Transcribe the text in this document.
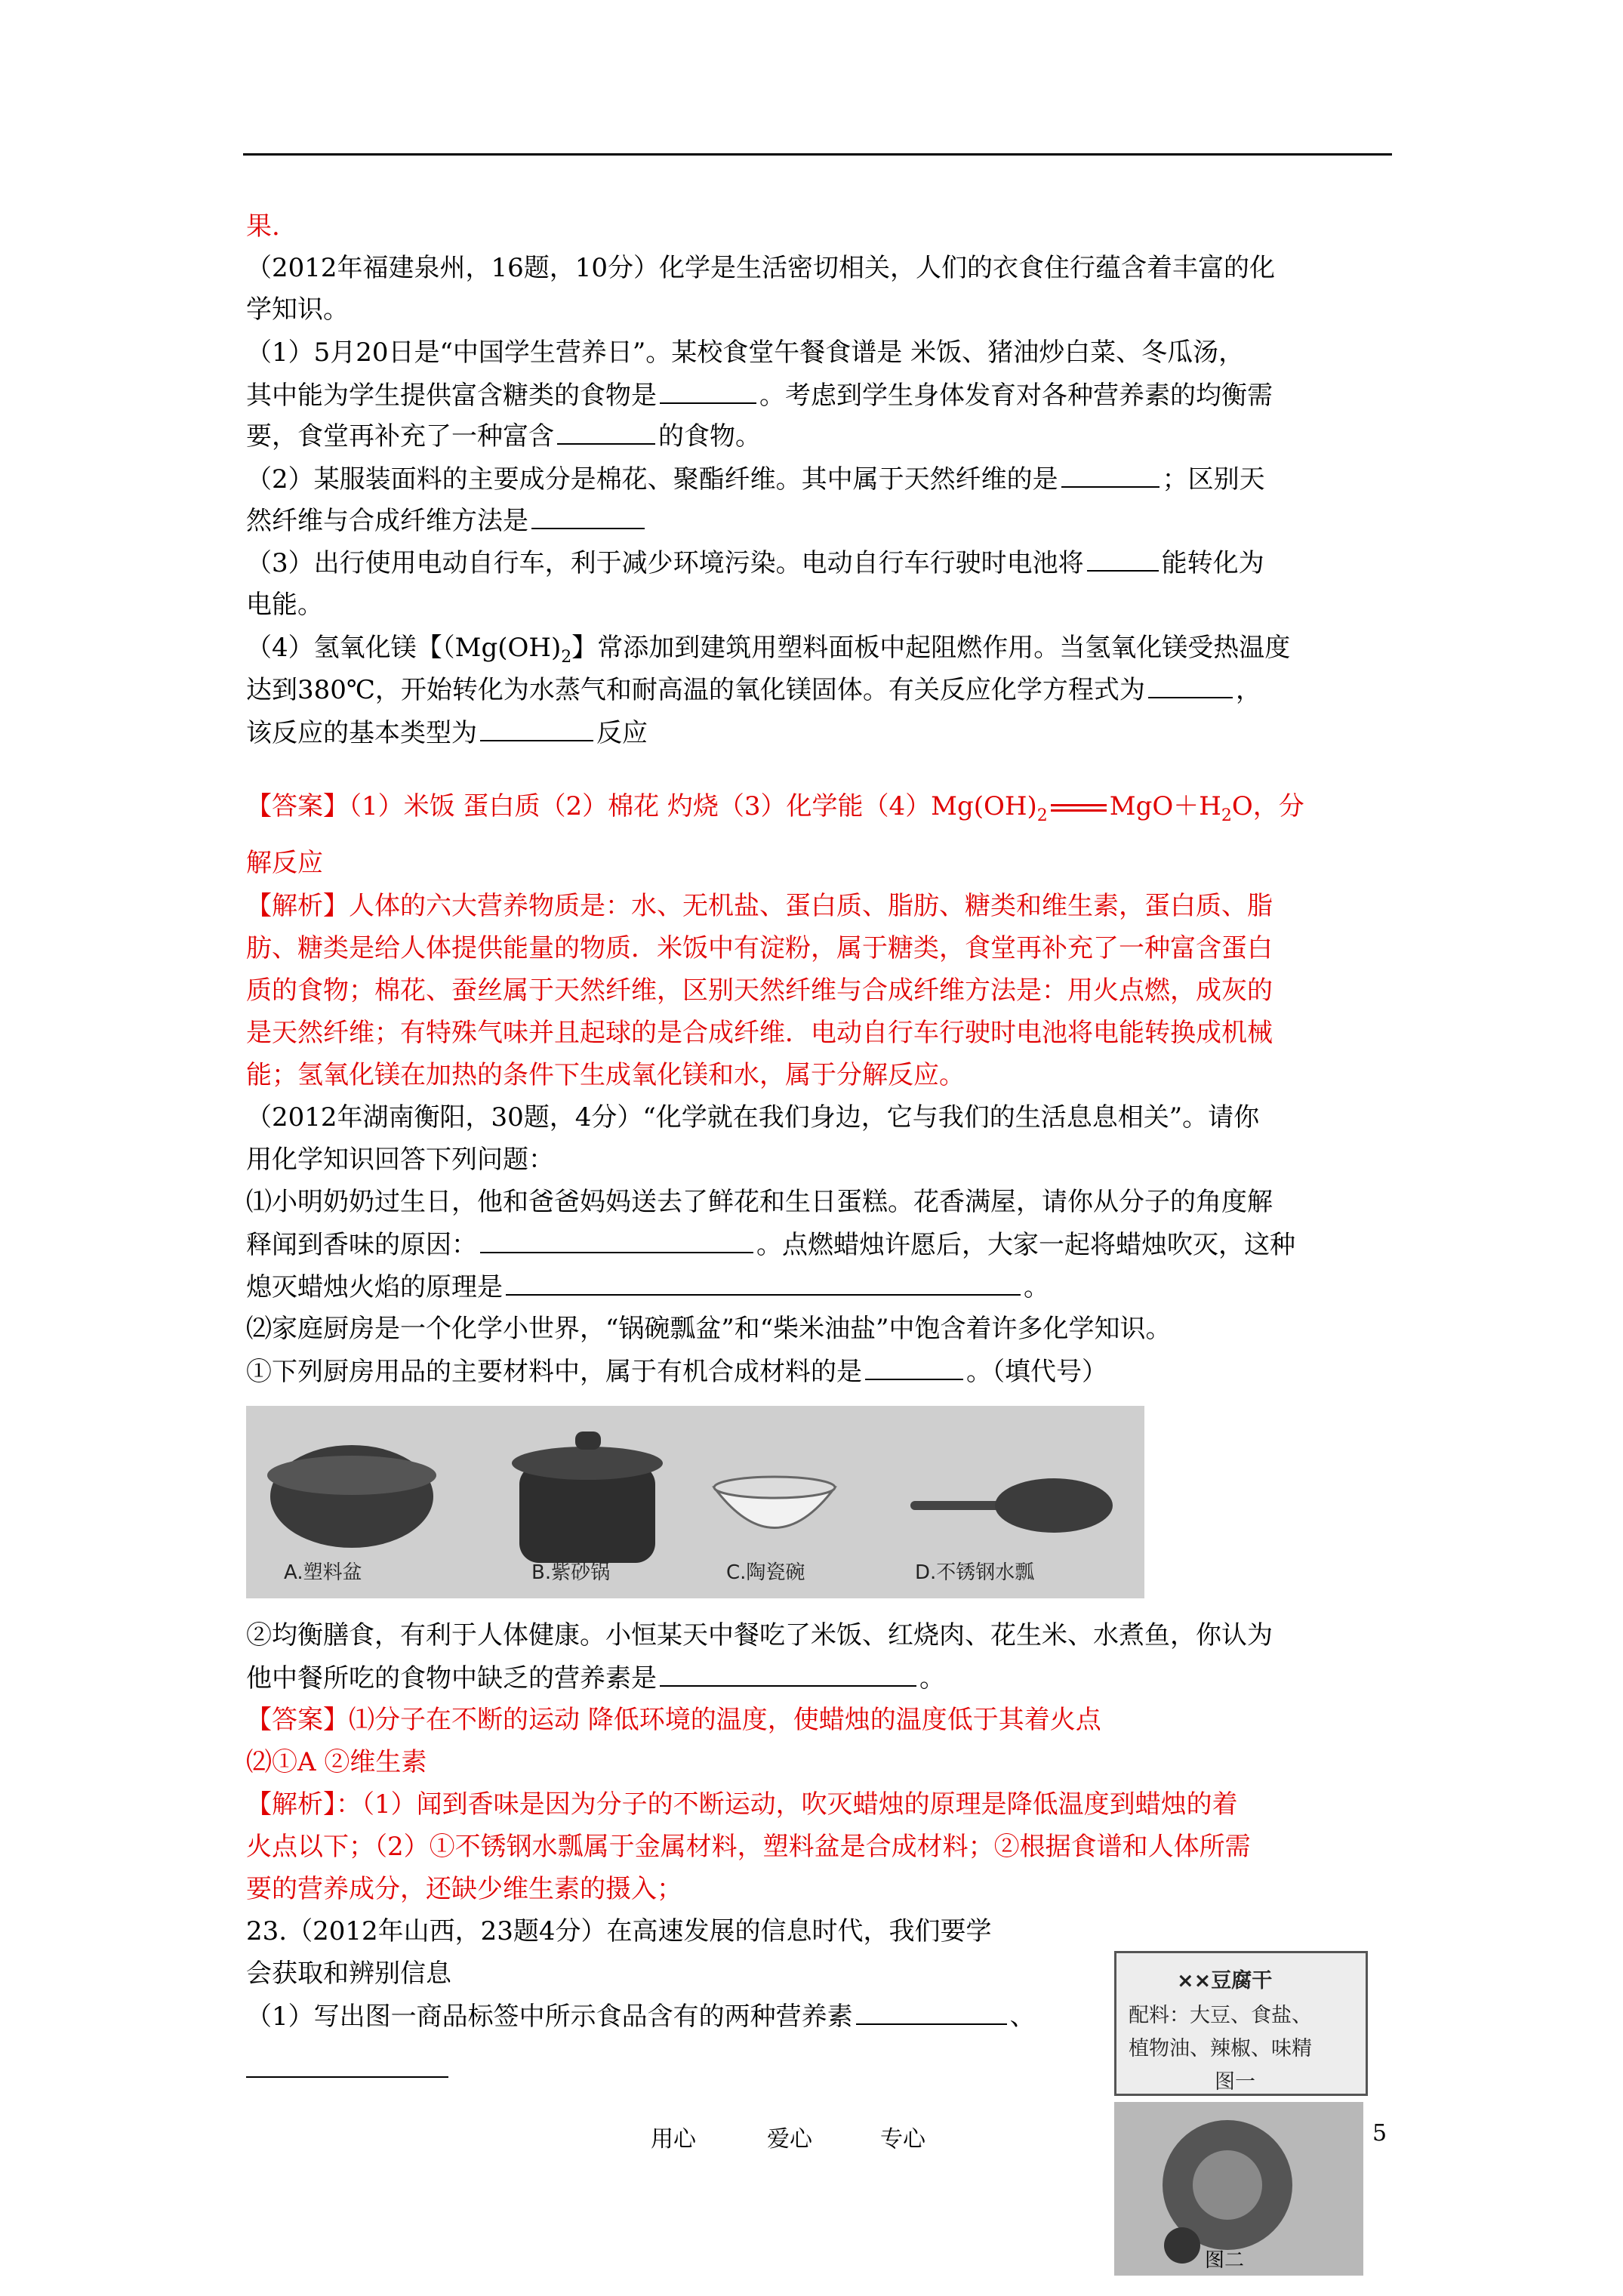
果.
（2012年福建泉州，16题，10分）化学是生活密切相关，人们的衣食住行蕴含着丰富的化
学知识。
（1）5月20日是“中国学生营养日”。某校食堂午餐食谱是 米饭、猪油炒白菜、冬瓜汤，
其中能为学生提供富含糖类的食物是	。考虑到学生身体发育对各种营养素的均衡需
要，食堂再补充了一种富含	的食物。
（2）某服装面料的主要成分是棉花、聚酯纤维。其中属于天然纤维的是	；区别天
然纤维与合成纤维方法是
（3）出行使用电动自行车，利于减少环境污染。电动自行车行驶时电池将	能转化为
电能。
（4）氢氧化镁【（$Mg(OH)_2$】常添加到建筑用塑料面板中起阻燃作用。当氢氧化镁受热温度
达到380℃，开始转化为水蒸气和耐高温的氧化镁固体。有关反应化学方程式为	，
该反应的基本类型为	反应
【答案】（1）米饭 蛋白质（2）棉花 灼烧（3）化学能$(4)Mg(OH)_2$ $MgO+H_2O$，分
解反应
【解析】人体的六大营养物质是：水、无机盐、蛋白质、脂肪、糖类和维生素，蛋白质、脂
肪、糖类是给人体提供能量的物质．米饭中有淀粉，属于糖类，食堂再补充了一种富含蛋白
质的食物；棉花、蚕丝属于天然纤维，区别天然纤维与合成纤维方法是：用火点燃，成灰的
是天然纤维；有特殊气味并且起球的是合成纤维．电动自行车行驶时电池将电能转换成机械
能；氢氧化镁在加热的条件下生成氧化镁和水，属于分解反应。
（2012年湖南衡阳，30题，4分）“化学就在我们身边，它与我们的生活息息相关”。请你
用化学知识回答下列问题：
⑴小明奶奶过生日，他和爸爸妈妈送去了鲜花和生日蛋糕。花香满屋，请你从分子的角度解
释闻到香味的原因：	。点燃蜡烛许愿后，大家一起将蜡烛吹灭，这种
熄灭蜡烛火焰的原理是	。
⑵家庭厨房是一个化学小世界，“锅碗瓢盆”和“柴米油盐”中饱含着许多化学知识。
①下列厨房用品的主要材料中，属于有机合成材料的是	。（填代号）
A.塑料盆	B.紫砂锅	C.陶瓷碗	D.不锈钢水瓢
②均衡膳食，有利于人体健康。小恒某天中餐吃了米饭、红烧肉、花生米、水煮鱼，你认为
他中餐所吃的食物中缺乏的营养素是	。
【答案】⑴分子在不断的运动 降低环境的温度，使蜡烛的温度低于其着火点
⑵①A ②维生素
【解析】：（1）闻到香味是因为分子的不断运动，吹灭蜡烛的原理是降低温度到蜡烛的着
火点以下；（2）①不锈钢水瓢属于金属材料，塑料盆是合成材料；②根据食谱和人体所需
要的营养成分，还缺少维生素的摄入；
23.（2012年山西，23题4分）在高速发展的信息时代，我们要学
会获取和辨别信息
（1）写出图一商品标签中所示食品含有的两种营养素	、
××豆腐干
配料：大豆、食盐、
植物油、辣椒、味精
图一
图二
用心	爱心	专心	5
